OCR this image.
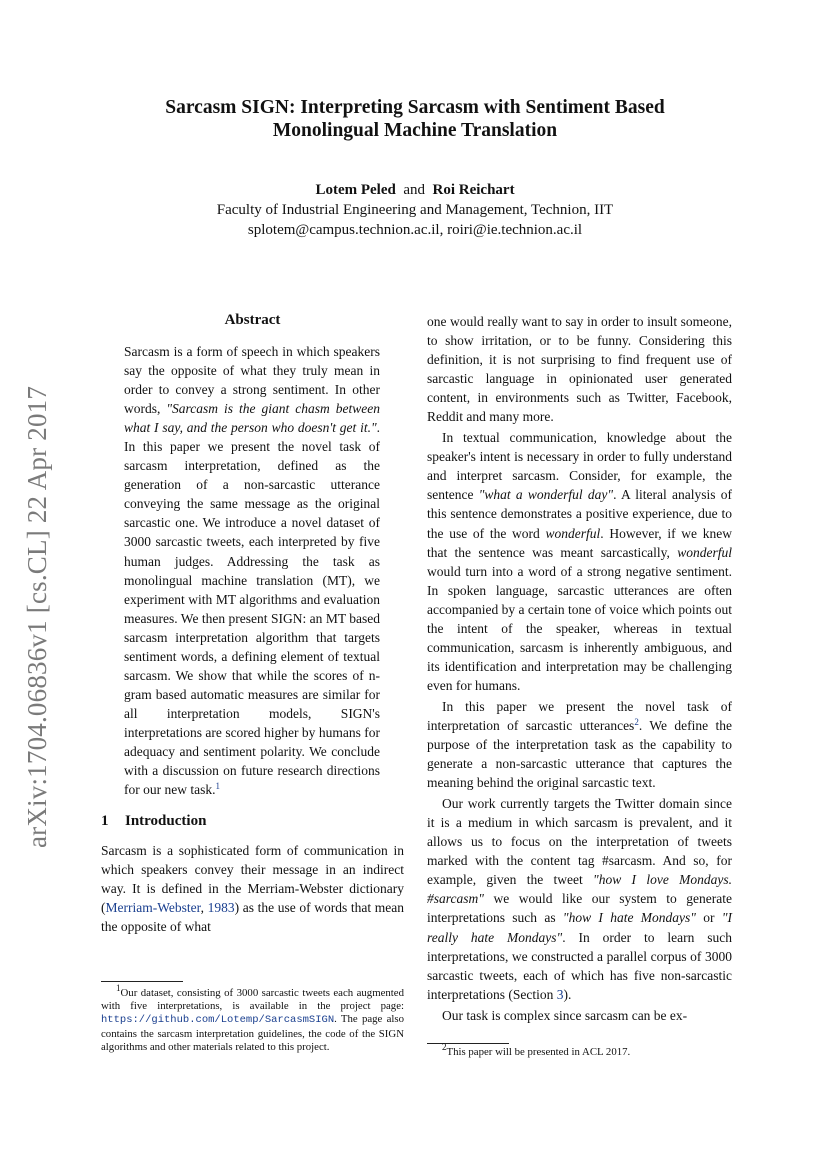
arXiv:1704.06836v1 [cs.CL] 22 Apr 2017
Sarcasm SIGN: Interpreting Sarcasm with Sentiment Based
Monolingual Machine Translation
Lotem Peled and Roi Reichart
Faculty of Industrial Engineering and Management, Technion, IIT
splotem@campus.technion.ac.il, roiri@ie.technion.ac.il
Abstract

Sarcasm is a form of speech in which speakers say the opposite of what they truly mean in order to convey a strong sentiment. In other words, "Sarcasm is the giant chasm between what I say, and the person who doesn't get it.". In this paper we present the novel task of sarcasm interpretation, defined as the generation of a non-sarcastic utterance conveying the same message as the original sarcastic one. We introduce a novel dataset of 3000 sarcastic tweets, each interpreted by five human judges. Addressing the task as monolingual machine translation (MT), we experiment with MT algorithms and evaluation measures. We then present SIGN: an MT based sarcasm interpretation algorithm that targets sentiment words, a defining element of textual sarcasm. We show that while the scores of n-gram based automatic measures are similar for all interpretation models, SIGN's interpretations are scored higher by humans for adequacy and sentiment polarity. We conclude with a discussion on future research directions for our new task.$^1$

1 Introduction

Sarcasm is a sophisticated form of communication in which speakers convey their message in an indirect way. It is defined in the Merriam-Webster dictionary (Merriam-Webster, 1983) as the use of words that mean the opposite of what

$^1$Our dataset, consisting of 3000 sarcastic tweets each augmented with five interpretations, is available in the project page: https://github.com/Lotemp/SarcasmSIGN. The page also contains the sarcasm interpretation guidelines, the code of the SIGN algorithms and other materials related to this project.

one would really want to say in order to insult someone, to show irritation, or to be funny. Considering this definition, it is not surprising to find frequent use of sarcastic language in opinionated user generated content, in environments such as Twitter, Facebook, Reddit and many more.

In textual communication, knowledge about the speaker's intent is necessary in order to fully understand and interpret sarcasm. Consider, for example, the sentence "what a wonderful day". A literal analysis of this sentence demonstrates a positive experience, due to the use of the word wonderful. However, if we knew that the sentence was meant sarcastically, wonderful would turn into a word of a strong negative sentiment. In spoken language, sarcastic utterances are often accompanied by a certain tone of voice which points out the intent of the speaker, whereas in textual communication, sarcasm is inherently ambiguous, and its identification and interpretation may be challenging even for humans.

In this paper we present the novel task of interpretation of sarcastic utterances$^2$. We define the purpose of the interpretation task as the capability to generate a non-sarcastic utterance that captures the meaning behind the original sarcastic text.

Our work currently targets the Twitter domain since it is a medium in which sarcasm is prevalent, and it allows us to focus on the interpretation of tweets marked with the content tag #sarcasm. And so, for example, given the tweet "how I love Mondays. #sarcasm" we would like our system to generate interpretations such as "how I hate Mondays" or "I really hate Mondays". In order to learn such interpretations, we constructed a parallel corpus of 3000 sarcastic tweets, each of which has five non-sarcastic interpretations (Section 3).

Our task is complex since sarcasm can be ex-

$^2$This paper will be presented in ACL 2017.
